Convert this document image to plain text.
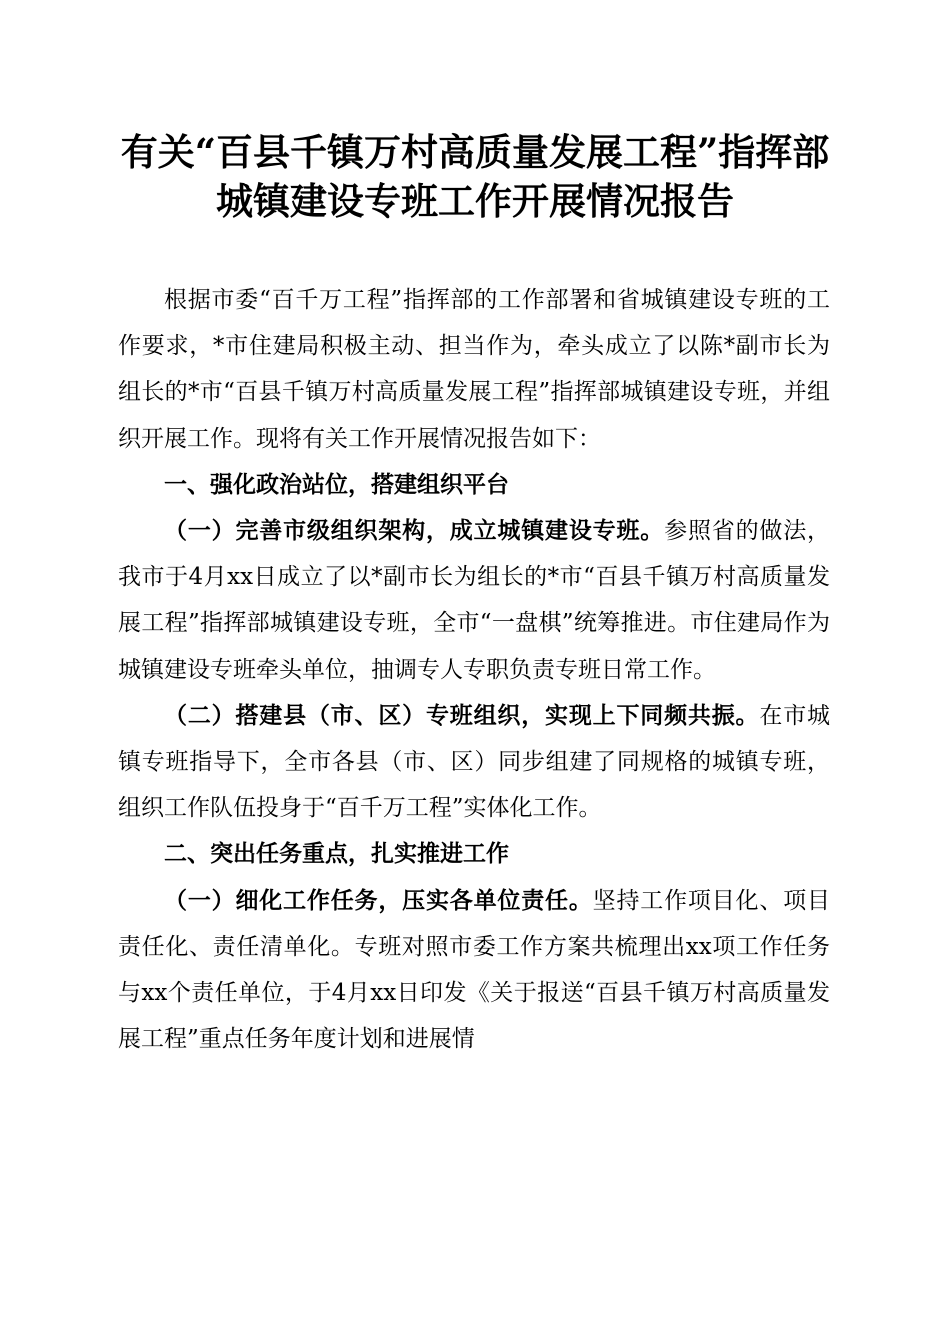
有关“百县千镇万村高质量发展工程”指挥部
城镇建设专班工作开展情况报告

根据市委“百千万工程”指挥部的工作部署和省城镇建设专班的工作要求，*市住建局积极主动、担当作为，牵头成立了以陈*副市长为组长的*市“百县千镇万村高质量发展工程”指挥部城镇建设专班，并组织开展工作。现将有关工作开展情况报告如下：

一、强化政治站位，搭建组织平台

（一）完善市级组织架构，成立城镇建设专班。参照省的做法，我市于4月xx日成立了以*副市长为组长的*市“百县千镇万村高质量发展工程”指挥部城镇建设专班，全市“一盘棋”统筹推进。市住建局作为城镇建设专班牵头单位，抽调专人专职负责专班日常工作。

（二）搭建县（市、区）专班组织，实现上下同频共振。在市城镇专班指导下，全市各县（市、区）同步组建了同规格的城镇专班，组织工作队伍投身于“百千万工程”实体化工作。

二、突出任务重点，扎实推进工作

（一）细化工作任务，压实各单位责任。坚持工作项目化、项目责任化、责任清单化。专班对照市委工作方案共梳理出xx项工作任务与xx个责任单位，于4月xx日印发《关于报送“百县千镇万村高质量发展工程”重点任务年度计划和进展情
